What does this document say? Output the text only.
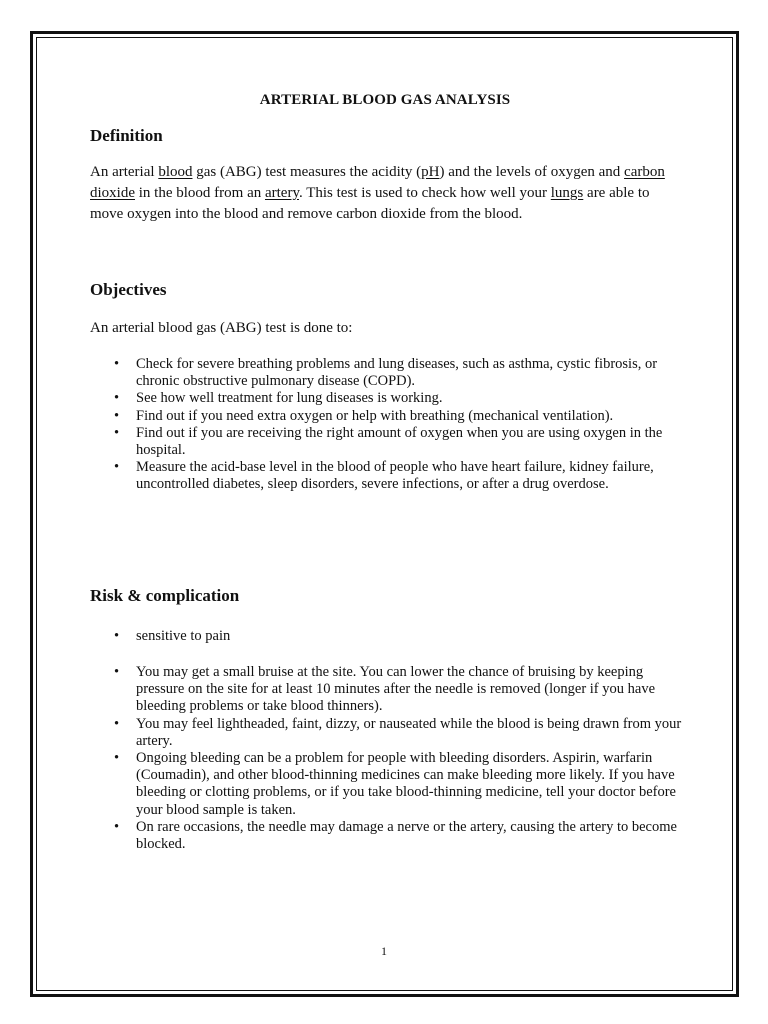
ARTERIAL BLOOD GAS ANALYSIS
Definition
An arterial blood gas (ABG) test measures the acidity (pH) and the levels of oxygen and carbon
dioxide in the blood from an artery. This test is used to check how well your lungs are able to
move oxygen into the blood and remove carbon dioxide from the blood.
Objectives
An arterial blood gas (ABG) test is done to:
• Check for severe breathing problems and lung diseases, such as asthma, cystic fibrosis, or chronic obstructive pulmonary disease (COPD).
• See how well treatment for lung diseases is working.
• Find out if you need extra oxygen or help with breathing (mechanical ventilation).
• Find out if you are receiving the right amount of oxygen when you are using oxygen in the hospital.
• Measure the acid-base level in the blood of people who have heart failure, kidney failure, uncontrolled diabetes, sleep disorders, severe infections, or after a drug overdose.
Risk & complication
• sensitive to pain
• You may get a small bruise at the site. You can lower the chance of bruising by keeping pressure on the site for at least 10 minutes after the needle is removed (longer if you have bleeding problems or take blood thinners).
• You may feel lightheaded, faint, dizzy, or nauseated while the blood is being drawn from your artery.
• Ongoing bleeding can be a problem for people with bleeding disorders. Aspirin, warfarin (Coumadin), and other blood-thinning medicines can make bleeding more likely. If you have bleeding or clotting problems, or if you take blood-thinning medicine, tell your doctor before your blood sample is taken.
• On rare occasions, the needle may damage a nerve or the artery, causing the artery to become blocked.
1
